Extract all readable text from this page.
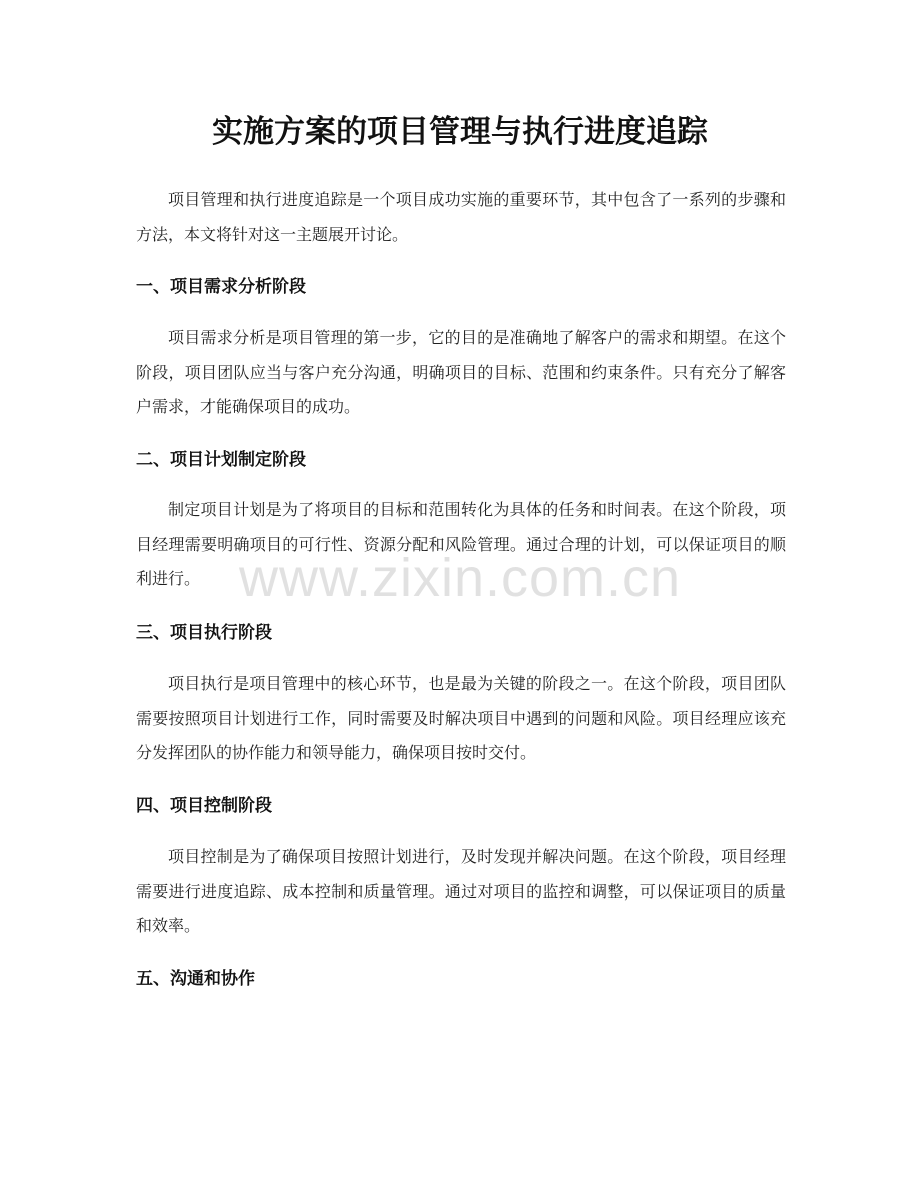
实施方案的项目管理与执行进度追踪

项目管理和执行进度追踪是一个项目成功实施的重要环节，其中包含了一系列的步骤和方法，本文将针对这一主题展开讨论。

一、项目需求分析阶段

项目需求分析是项目管理的第一步，它的目的是准确地了解客户的需求和期望。在这个阶段，项目团队应当与客户充分沟通，明确项目的目标、范围和约束条件。只有充分了解客户需求，才能确保项目的成功。

二、项目计划制定阶段

制定项目计划是为了将项目的目标和范围转化为具体的任务和时间表。在这个阶段，项目经理需要明确项目的可行性、资源分配和风险管理。通过合理的计划，可以保证项目的顺利进行。

三、项目执行阶段

项目执行是项目管理中的核心环节，也是最为关键的阶段之一。在这个阶段，项目团队需要按照项目计划进行工作，同时需要及时解决项目中遇到的问题和风险。项目经理应该充分发挥团队的协作能力和领导能力，确保项目按时交付。

四、项目控制阶段

项目控制是为了确保项目按照计划进行，及时发现并解决问题。在这个阶段，项目经理需要进行进度追踪、成本控制和质量管理。通过对项目的监控和调整，可以保证项目的质量和效率。

五、沟通和协作
www.zixin.com.cn
